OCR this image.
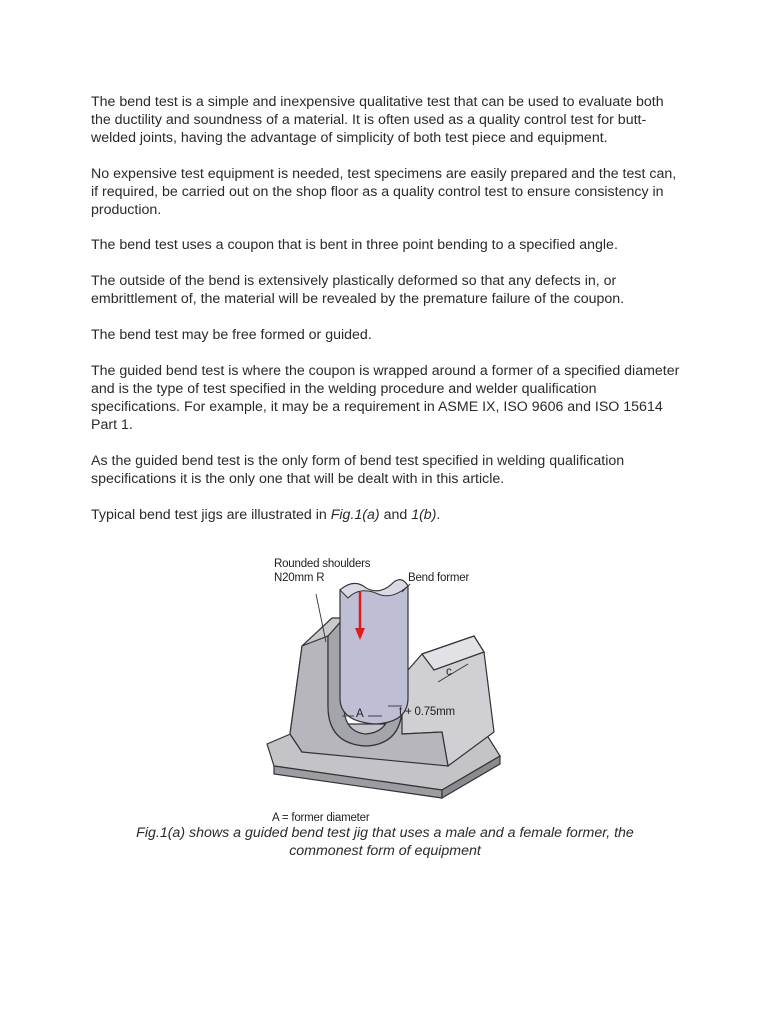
The bend test is a simple and inexpensive qualitative test that can be used to evaluate both the ductility and soundness of a material. It is often used as a quality control test for butt-welded joints, having the advantage of simplicity of both test piece and equipment.

No expensive test equipment is needed, test specimens are easily prepared and the test can, if required, be carried out on the shop floor as a quality control test to ensure consistency in production.

The bend test uses a coupon that is bent in three point bending to a specified angle.

The outside of the bend is extensively plastically deformed so that any defects in, or embrittlement of, the material will be revealed by the premature failure of the coupon.

The bend test may be free formed or guided.

The guided bend test is where the coupon is wrapped around a former of a specified diameter and is the type of test specified in the welding procedure and welder qualification specifications. For example, it may be a requirement in ASME IX, ISO 9606 and ISO 15614 Part 1.

As the guided bend test is the only form of bend test specified in welding qualification specifications it is the only one that will be dealt with in this article.

Typical bend test jigs are illustrated in Fig.1(a) and 1(b).

Rounded shoulders
N20mm R	Bend former
c
A	t + 0.75mm
A = former diameter
Fig.1(a) shows a guided bend test jig that uses a male and a female former, the commonest form of equipment
